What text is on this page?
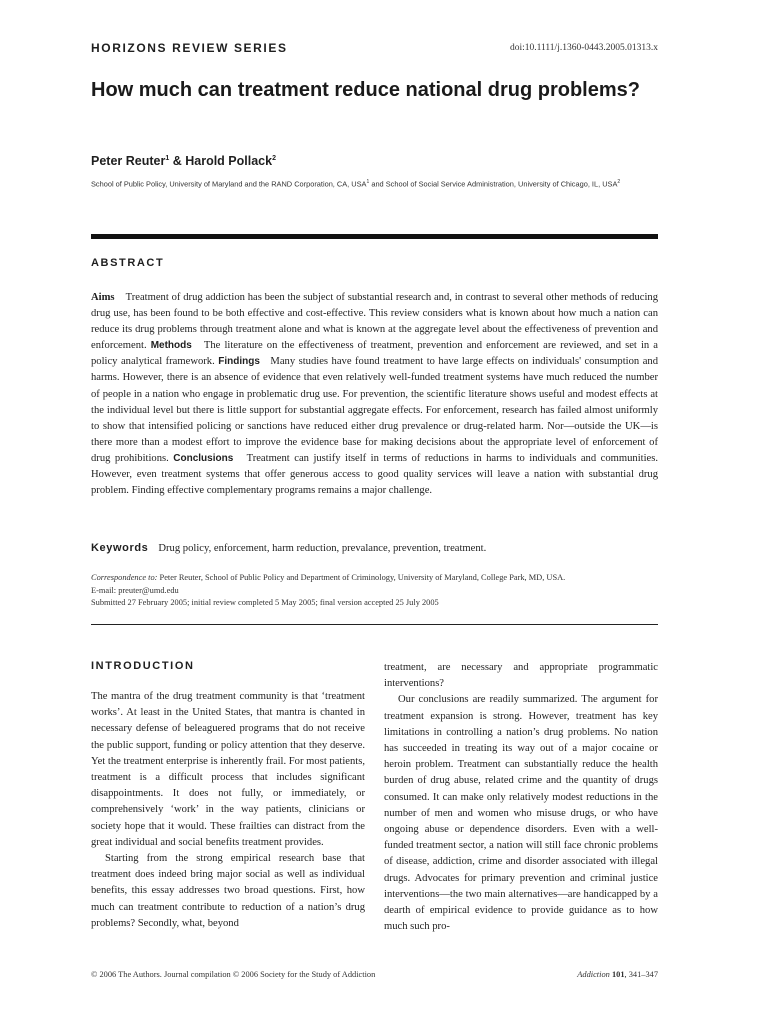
HORIZONS REVIEW SERIES	doi:10.1111/j.1360-0443.2005.01313.x
How much can treatment reduce national drug problems?
Peter Reuter$^1$ & Harold Pollack$^2$
School of Public Policy, University of Maryland and the RAND Corporation, CA, USA$^1$ and School of Social Service Administration, University of Chicago, IL, USA$^2$
ABSTRACT
Aims Treatment of drug addiction has been the subject of substantial research and, in contrast to several other methods of reducing drug use, has been found to be both effective and cost-effective. This review considers what is known about how much a nation can reduce its drug problems through treatment alone and what is known at the aggregate level about the effectiveness of prevention and enforcement. Methods The literature on the effectiveness of treatment, prevention and enforcement are reviewed, and set in a policy analytical framework. Findings Many studies have found treatment to have large effects on individuals' consumption and harms. However, there is an absence of evidence that even relatively well-funded treatment systems have much reduced the number of people in a nation who engage in problematic drug use. For prevention, the scientific literature shows useful and modest effects at the individual level but there is little support for substantial aggregate effects. For enforcement, research has failed almost uniformly to show that intensified policing or sanctions have reduced either drug prevalence or drug-related harm. Nor—outside the UK—is there more than a modest effort to improve the evidence base for making decisions about the appropriate level of enforcement of drug prohibitions. Conclusions Treatment can justify itself in terms of reductions in harms to individuals and communities. However, even treatment systems that offer generous access to good quality services will leave a nation with substantial drug problem. Finding effective complementary programs remains a major challenge.
Keywords Drug policy, enforcement, harm reduction, prevalance, prevention, treatment.
Correspondence to: Peter Reuter, School of Public Policy and Department of Criminology, University of Maryland, College Park, MD, USA.
E-mail: preuter@umd.edu
Submitted 27 February 2005; initial review completed 5 May 2005; final version accepted 25 July 2005
INTRODUCTION

The mantra of the drug treatment community is that ‘treatment works’. At least in the United States, that mantra is chanted in necessary defense of beleaguered programs that do not receive the public support, funding or policy attention that they deserve. Yet the treatment enterprise is inherently frail. For most patients, treatment is a difficult process that includes significant disappointments. It does not fully, or immediately, or comprehensively ‘work’ in the way patients, clinicians or society hope that it would. These frailties can distract from the great individual and social benefits treatment provides.

Starting from the strong empirical research base that treatment does indeed bring major social as well as individual benefits, this essay addresses two broad questions. First, how much can treatment contribute to reduction of a nation’s drug problems? Secondly, what, beyond

treatment, are necessary and appropriate programmatic interventions?

Our conclusions are readily summarized. The argument for treatment expansion is strong. However, treatment has key limitations in controlling a nation’s drug problems. No nation has succeeded in treating its way out of a major cocaine or heroin problem. Treatment can substantially reduce the health burden of drug abuse, related crime and the quantity of drugs consumed. It can make only relatively modest reductions in the number of men and women who misuse drugs, or who have ongoing abuse or dependence disorders. Even with a well-funded treatment sector, a nation will still face chronic problems of disease, addiction, crime and disorder associated with illegal drugs. Advocates for primary prevention and criminal justice interventions—the two main alternatives—are handicapped by a dearth of empirical evidence to provide guidance as to how much such pro-

© 2006 The Authors. Journal compilation © 2006 Society for the Study of Addiction	Addiction 101, 341–347
